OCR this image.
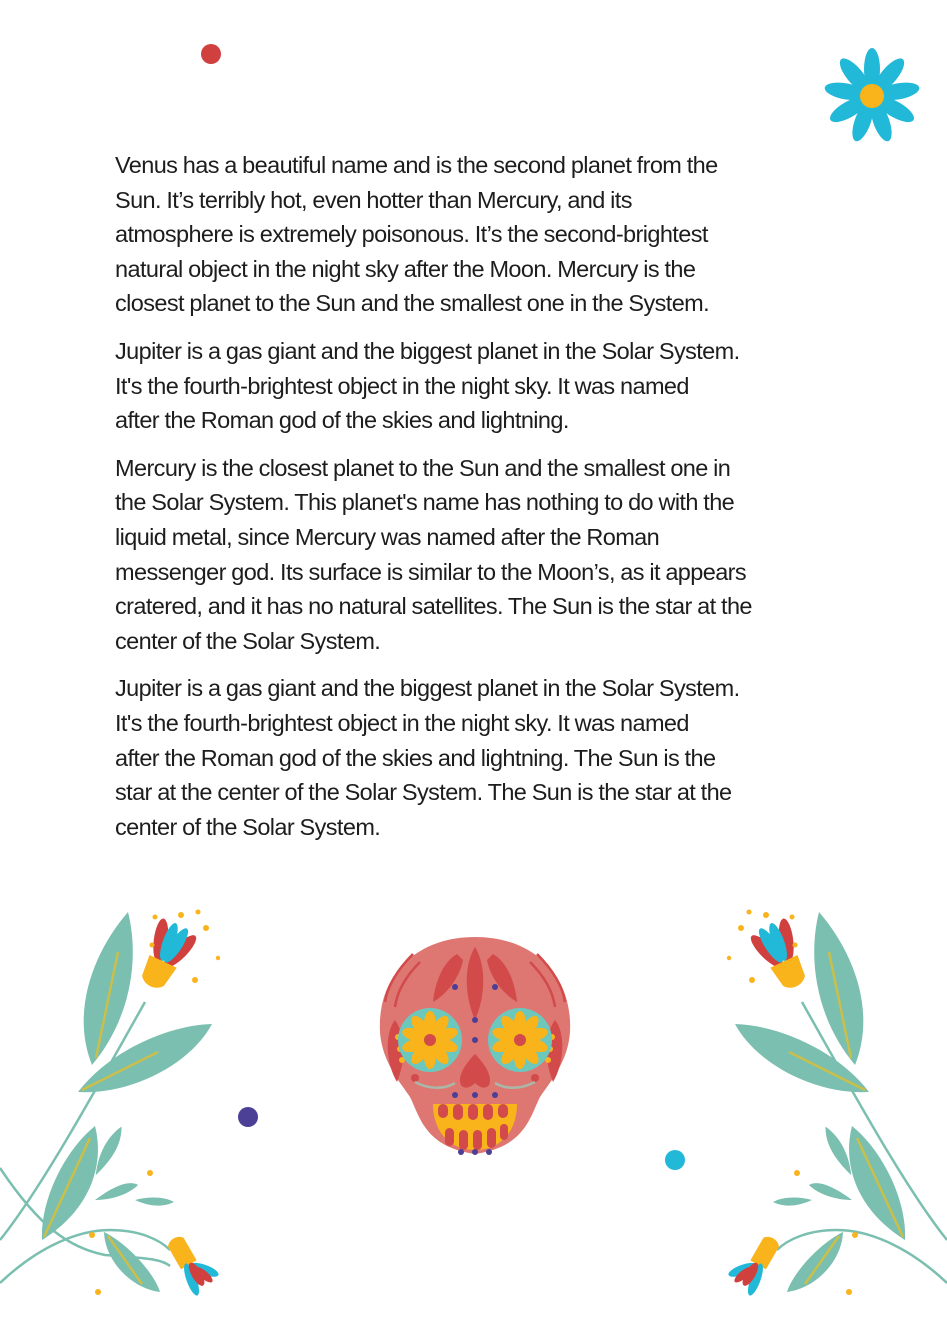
Venus has a beautiful name and is the second planet from the
Sun. It’s terribly hot, even hotter than Mercury, and its
atmosphere is extremely poisonous. It’s the second-brightest
natural object in the night sky after the Moon. Mercury is the
closest planet to the Sun and the smallest one in the System.

Jupiter is a gas giant and the biggest planet in the Solar System.
It's the fourth-brightest object in the night sky. It was named
after the Roman god of the skies and lightning.

Mercury is the closest planet to the Sun and the smallest one in
the Solar System. This planet's name has nothing to do with the
liquid metal, since Mercury was named after the Roman
messenger god. Its surface is similar to the Moon’s, as it appears
cratered, and it has no natural satellites. The Sun is the star at the
center of the Solar System.

Jupiter is a gas giant and the biggest planet in the Solar System.
It's the fourth-brightest object in the night sky. It was named
after the Roman god of the skies and lightning. The Sun is the
star at the center of the Solar System. The Sun is the star at the
center of the Solar System.
